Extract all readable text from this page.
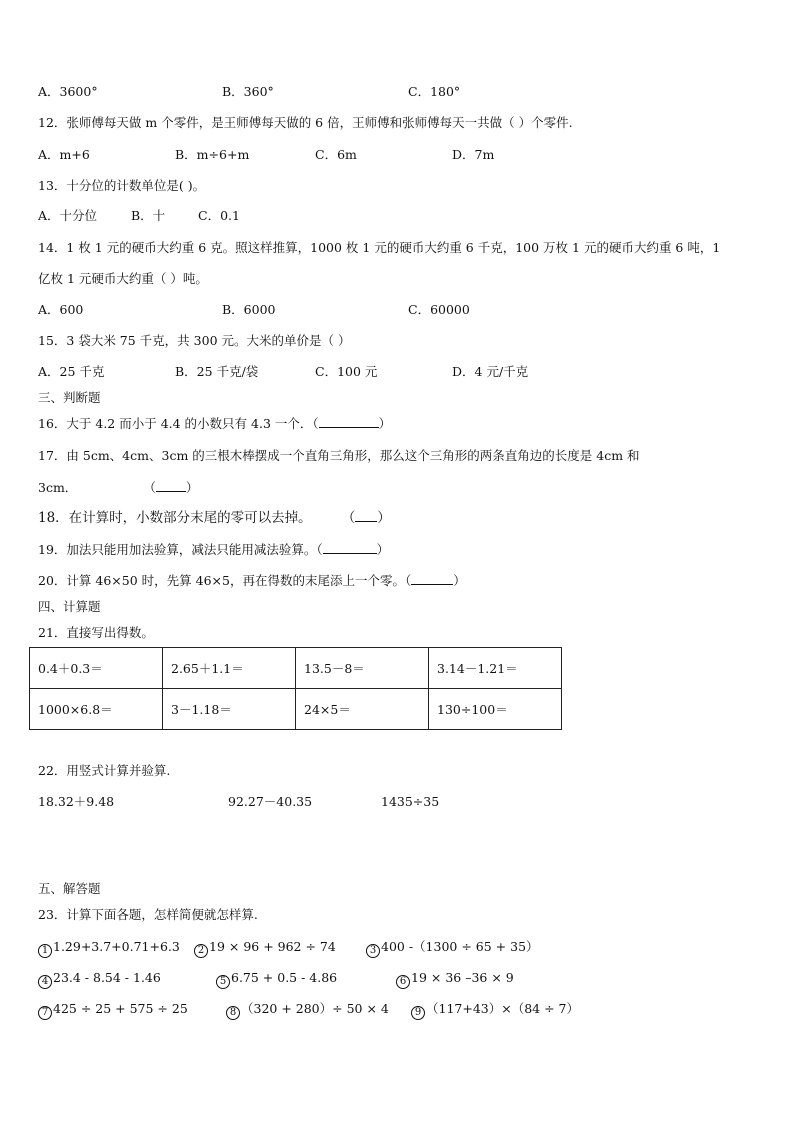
A．3600°	B．360°	C．180°
12．张师傅每天做 m 个零件，是王师傅每天做的 6 倍，王师傅和张师傅每天一共做（ ）个零件.
A．m+6	B．m÷6+m	C．6m	D．7m
13．十分位的计数单位是( )。
A．十分位	B．十	C．0.1
14．1 枚 1 元的硬币大约重 6 克。照这样推算，1000 枚 1 元的硬币大约重 6 千克，100 万枚 1 元的硬币大约重 6 吨，1
亿枚 1 元硬币大约重（ ）吨。
A．600	B．6000	C．60000
15．3 袋大米 75 千克，共 300 元。大米的单价是（ ）
A．25 千克	B．25 千克/袋	C．100 元	D．4 元/千克
三、判断题
16．大于 4.2 而小于 4.4 的小数只有 4.3 一个．（	）
17．由 5cm、4cm、3cm 的三根木棒摆成一个直角三角形，那么这个三角形的两条直角边的长度是 4cm 和
3cm．	（ ）
18．在计算时，小数部分末尾的零可以去掉。 （ ）
19．加法只能用加法验算，减法只能用减法验算。（	）
20．计算 46×50 时，先算 46×5，再在得数的末尾添上一个零。（	）
四、计算题
21．直接写出得数。
0.4＋0.3＝	2.65＋1.1＝	13.5－8＝	3.14－1.21＝
1000×6.8＝	3－1.18＝	24×5＝	130÷100＝
22．用竖式计算并验算.
18.32＋9.48	92.27－40.35	1435÷35
五、解答题
23．计算下面各题，怎样简便就怎样算.
1 1.29+3.7+0.71+6.3	2 19 × 96 + 962 ÷ 74	3 400 -（1300 ÷ 65 + 35）
4 23.4 - 8.54 - 1.46	5 6.75 + 0.5 - 4.86	6 19 × 36 –36 × 9
7 425 ÷ 25 + 575 ÷ 25	8 （320 + 280）÷ 50 × 4	9 （117+43）×（84 ÷ 7）
